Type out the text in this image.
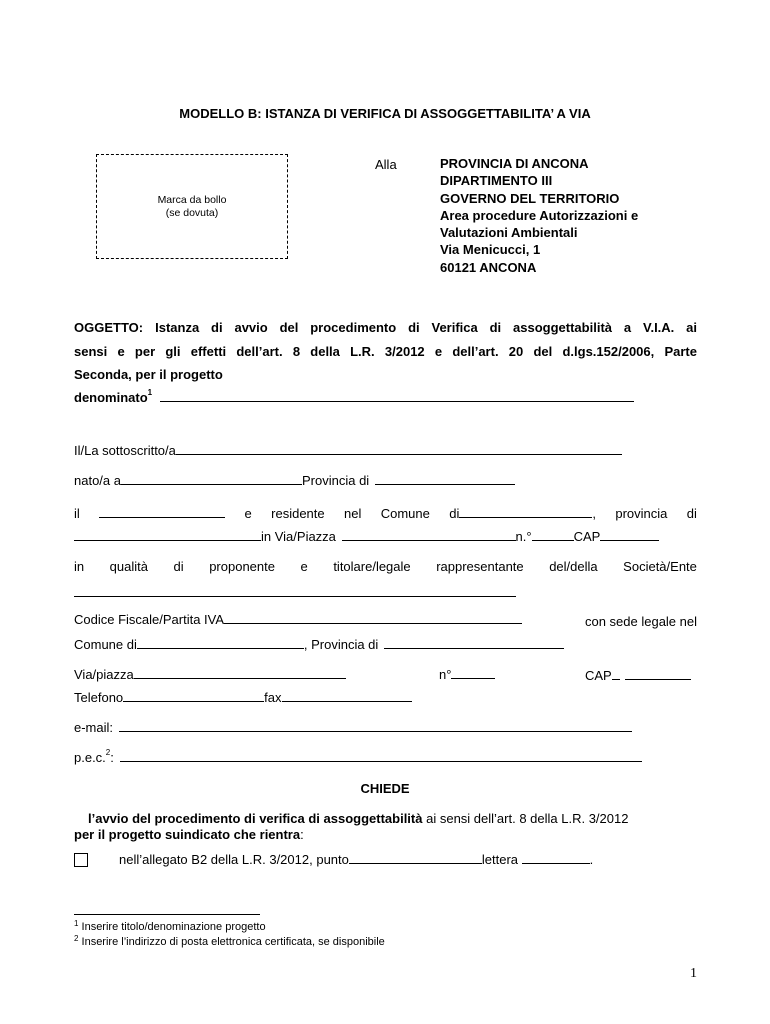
MODELLO B: ISTANZA DI VERIFICA DI ASSOGGETTABILITA’ A VIA
Marca da bollo
(se dovuta)
Alla	PROVINCIA DI ANCONA
DIPARTIMENTO III
GOVERNO DEL TERRITORIO
Area procedure Autorizzazioni e
Valutazioni Ambientali
Via Menicucci, 1
60121 ANCONA
OGGETTO: Istanza di avvio del procedimento di Verifica di assoggettabilità a V.I.A. ai
sensi e per gli effetti dell’art. 8 della L.R. 3/2012 e dell’art. 20 del d.lgs.152/2006, Parte
Seconda, per il progetto
denominato$^1$
Il/La sottoscritto/a
nato/a a	Provincia di
il	e residente nel Comune di	, provincia di
in Via/Piazza	n.°	CAP
in qualità di proponente e titolare/legale rappresentante del/della Società/Ente
Codice Fiscale/Partita IVA	con sede legale nel
Comune di	, Provincia di
Via/piazza	n°	CAP
Telefono	fax
e-mail:
p.e.c.$^2$:
CHIEDE
l’avvio del procedimento di verifica di assoggettabilità ai sensi dell’art. 8 della L.R. 3/2012
per il progetto suindicato che rientra:
nell’allegato B2 della L.R. 3/2012, punto	lettera	.
$^1$ Inserire titolo/denominazione progetto
$^2$ Inserire l’indirizzo di posta elettronica certificata, se disponibile
1
